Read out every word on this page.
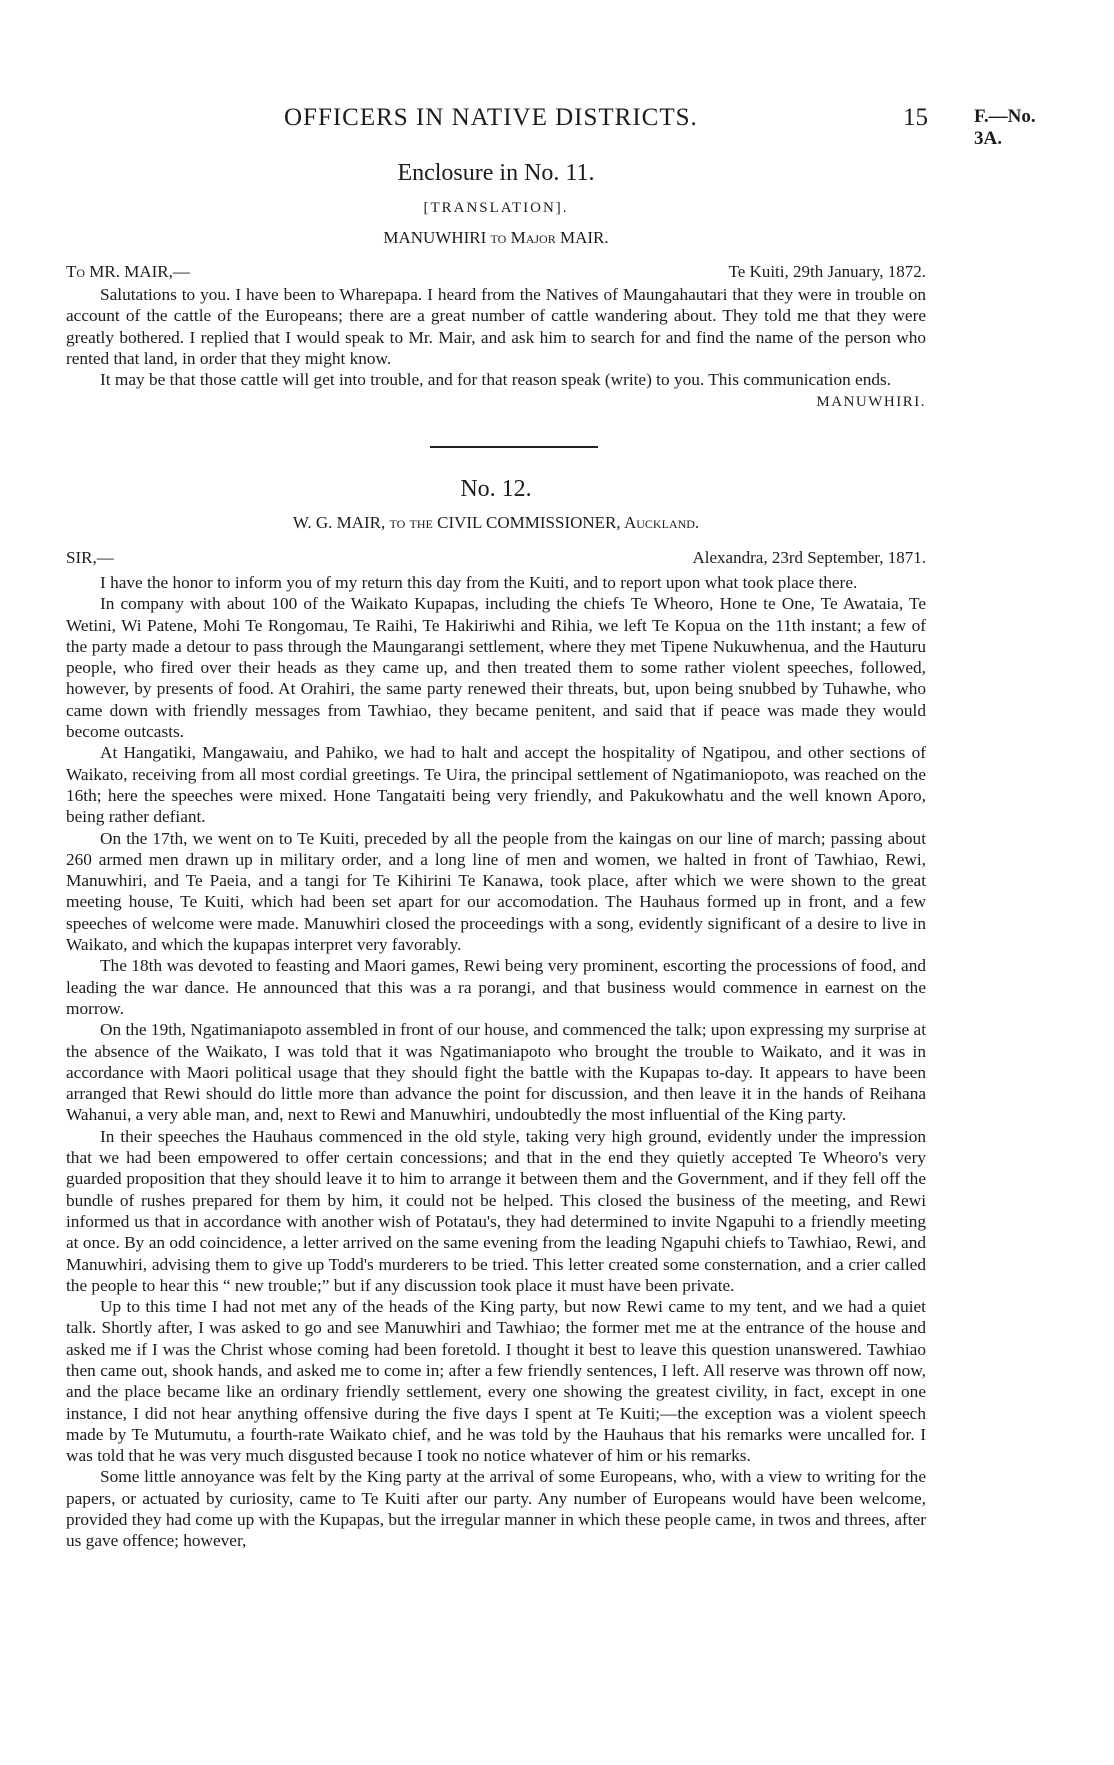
OFFICERS IN NATIVE DISTRICTS.	15 F.—No. 3A.
Enclosure in No. 11.
[TRANSLATION].
MANUWHIRI to Major MAIR.
To MR. MAIR,—	Te Kuiti, 29th January, 1872.

Salutations to you. I have been to Wharepapa. I heard from the Natives of Maungahautari that they were in trouble on account of the cattle of the Europeans; there are a great number of cattle wandering about. They told me that they were greatly bothered. I replied that I would speak to Mr. Mair, and ask him to search for and find the name of the person who rented that land, in order that they might know.

It may be that those cattle will get into trouble, and for that reason speak (write) to you. This communication ends.

MANUWHIRI.
No. 12.
W. G. MAIR, to the CIVIL COMMISSIONER, Auckland.
SIR,—	Alexandra, 23rd September, 1871.

I have the honor to inform you of my return this day from the Kuiti, and to report upon what took place there.

In company with about 100 of the Waikato Kupapas, including the chiefs Te Wheoro, Hone te One, Te Awataia, Te Wetini, Wi Patene, Mohi Te Rongomau, Te Raihi, Te Hakiriwhi and Rihia, we left Te Kopua on the 11th instant; a few of the party made a detour to pass through the Maungarangi settlement, where they met Tipene Nukuwhenua, and the Hauturu people, who fired over their heads as they came up, and then treated them to some rather violent speeches, followed, however, by presents of food. At Orahiri, the same party renewed their threats, but, upon being snubbed by Tuhawhe, who came down with friendly messages from Tawhiao, they became penitent, and said that if peace was made they would become outcasts.

At Hangatiki, Mangawaiu, and Pahiko, we had to halt and accept the hospitality of Ngatipou, and other sections of Waikato, receiving from all most cordial greetings. Te Uira, the principal settlement of Ngatimaniopoto, was reached on the 16th; here the speeches were mixed. Hone Tangataiti being very friendly, and Pakukowhatu and the well known Aporo, being rather defiant.

On the 17th, we went on to Te Kuiti, preceded by all the people from the kaingas on our line of march; passing about 260 armed men drawn up in military order, and a long line of men and women, we halted in front of Tawhiao, Rewi, Manuwhiri, and Te Paeia, and a tangi for Te Kihirini Te Kanawa, took place, after which we were shown to the great meeting house, Te Kuiti, which had been set apart for our accomodation. The Hauhaus formed up in front, and a few speeches of welcome were made. Manuwhiri closed the proceedings with a song, evidently significant of a desire to live in Waikato, and which the kupapas interpret very favorably.

The 18th was devoted to feasting and Maori games, Rewi being very prominent, escorting the processions of food, and leading the war dance. He announced that this was a ra porangi, and that business would commence in earnest on the morrow.

On the 19th, Ngatimaniapoto assembled in front of our house, and commenced the talk; upon expressing my surprise at the absence of the Waikato, I was told that it was Ngatimaniapoto who brought the trouble to Waikato, and it was in accordance with Maori political usage that they should fight the battle with the Kupapas to-day. It appears to have been arranged that Rewi should do little more than advance the point for discussion, and then leave it in the hands of Reihana Wahanui, a very able man, and, next to Rewi and Manuwhiri, undoubtedly the most influential of the King party.

In their speeches the Hauhaus commenced in the old style, taking very high ground, evidently under the impression that we had been empowered to offer certain concessions; and that in the end they quietly accepted Te Wheoro's very guarded proposition that they should leave it to him to arrange it between them and the Government, and if they fell off the bundle of rushes prepared for them by him, it could not be helped. This closed the business of the meeting, and Rewi informed us that in accordance with another wish of Potatau's, they had determined to invite Ngapuhi to a friendly meeting at once. By an odd coincidence, a letter arrived on the same evening from the leading Ngapuhi chiefs to Tawhiao, Rewi, and Manuwhiri, advising them to give up Todd's murderers to be tried. This letter created some consternation, and a crier called the people to hear this “ new trouble;” but if any discussion took place it must have been private.

Up to this time I had not met any of the heads of the King party, but now Rewi came to my tent, and we had a quiet talk. Shortly after, I was asked to go and see Manuwhiri and Tawhiao; the former met me at the entrance of the house and asked me if I was the Christ whose coming had been foretold. I thought it best to leave this question unanswered. Tawhiao then came out, shook hands, and asked me to come in; after a few friendly sentences, I left. All reserve was thrown off now, and the place became like an ordinary friendly settlement, every one showing the greatest civility, in fact, except in one instance, I did not hear anything offensive during the five days I spent at Te Kuiti;—the exception was a violent speech made by Te Mutumutu, a fourth-rate Waikato chief, and he was told by the Hauhaus that his remarks were uncalled for. I was told that he was very much disgusted because I took no notice whatever of him or his remarks.

Some little annoyance was felt by the King party at the arrival of some Europeans, who, with a view to writing for the papers, or actuated by curiosity, came to Te Kuiti after our party. Any number of Europeans would have been welcome, provided they had come up with the Kupapas, but the irregular manner in which these people came, in twos and threes, after us gave offence; however,
